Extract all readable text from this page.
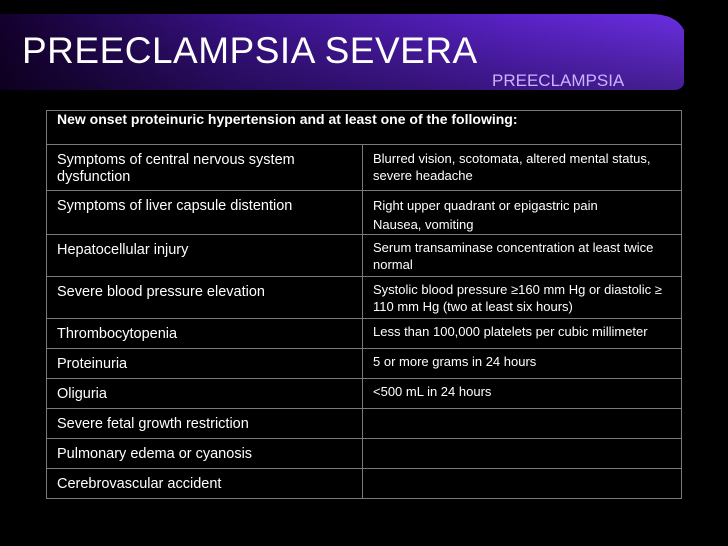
PREECLAMPSIA SEVERA
PREECLAMPSIA
New onset proteinuric hypertension and at least one of the following:	
Symptoms of central nervous system dysfunction	Blurred vision, scotomata, altered mental status, severe headache

Symptoms of liver capsule distention	Right upper quadrant or epigastric pain
Nausea, vomiting

Hepatocellular injury	Serum transaminase concentration at least twice normal

Severe blood pressure elevation	Systolic blood pressure ≥160 mm Hg or diastolic ≥ 110 mm Hg (two at least six hours)

Thrombocytopenia	Less than 100,000 platelets per cubic millimeter

Proteinuria	5 or more grams in 24 hours

Oliguria	<500 mL in 24 hours

Severe fetal growth restriction	
Pulmonary edema or cyanosis	
Cerebrovascular accident	
